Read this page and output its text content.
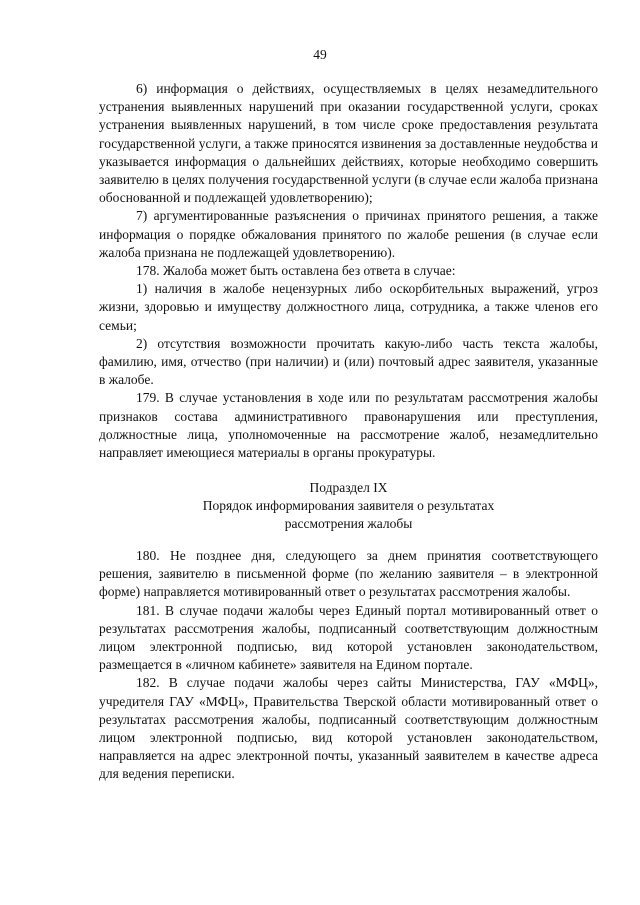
49

6) информация о действиях, осуществляемых в целях незамедлительного устранения выявленных нарушений при оказании государственной услуги, сроках устранения выявленных нарушений, в том числе сроке предоставления результата государственной услуги, а также приносятся извинения за доставленные неудобства и указывается информация о дальнейших действиях, которые необходимо совершить заявителю в целях получения государственной услуги (в случае если жалоба признана обоснованной и подлежащей удовлетворению);

7) аргументированные разъяснения о причинах принятого решения, а также информация о порядке обжалования принятого по жалобе решения (в случае если жалоба признана не подлежащей удовлетворению).

178. Жалоба может быть оставлена без ответа в случае:

1) наличия в жалобе нецензурных либо оскорбительных выражений, угроз жизни, здоровью и имуществу должностного лица, сотрудника, а также членов его семьи;

2) отсутствия возможности прочитать какую-либо часть текста жалобы, фамилию, имя, отчество (при наличии) и (или) почтовый адрес заявителя, указанные в жалобе.

179. В случае установления в ходе или по результатам рассмотрения жалобы признаков состава административного правонарушения или преступления, должностные лица, уполномоченные на рассмотрение жалоб, незамедлительно направляет имеющиеся материалы в органы прокуратуры.

Подраздел IX
Порядок информирования заявителя о результатах
рассмотрения жалобы

180. Не позднее дня, следующего за днем принятия соответствующего решения, заявителю в письменной форме (по желанию заявителя – в электронной форме) направляется мотивированный ответ о результатах рассмотрения жалобы.

181. В случае подачи жалобы через Единый портал мотивированный ответ о результатах рассмотрения жалобы, подписанный соответствующим должностным лицом электронной подписью, вид которой установлен законодательством, размещается в «личном кабинете» заявителя на Едином портале.

182. В случае подачи жалобы через сайты Министерства, ГАУ «МФЦ», учредителя ГАУ «МФЦ», Правительства Тверской области мотивированный ответ о результатах рассмотрения жалобы, подписанный соответствующим должностным лицом электронной подписью, вид которой установлен законодательством, направляется на адрес электронной почты, указанный заявителем в качестве адреса для ведения переписки.
